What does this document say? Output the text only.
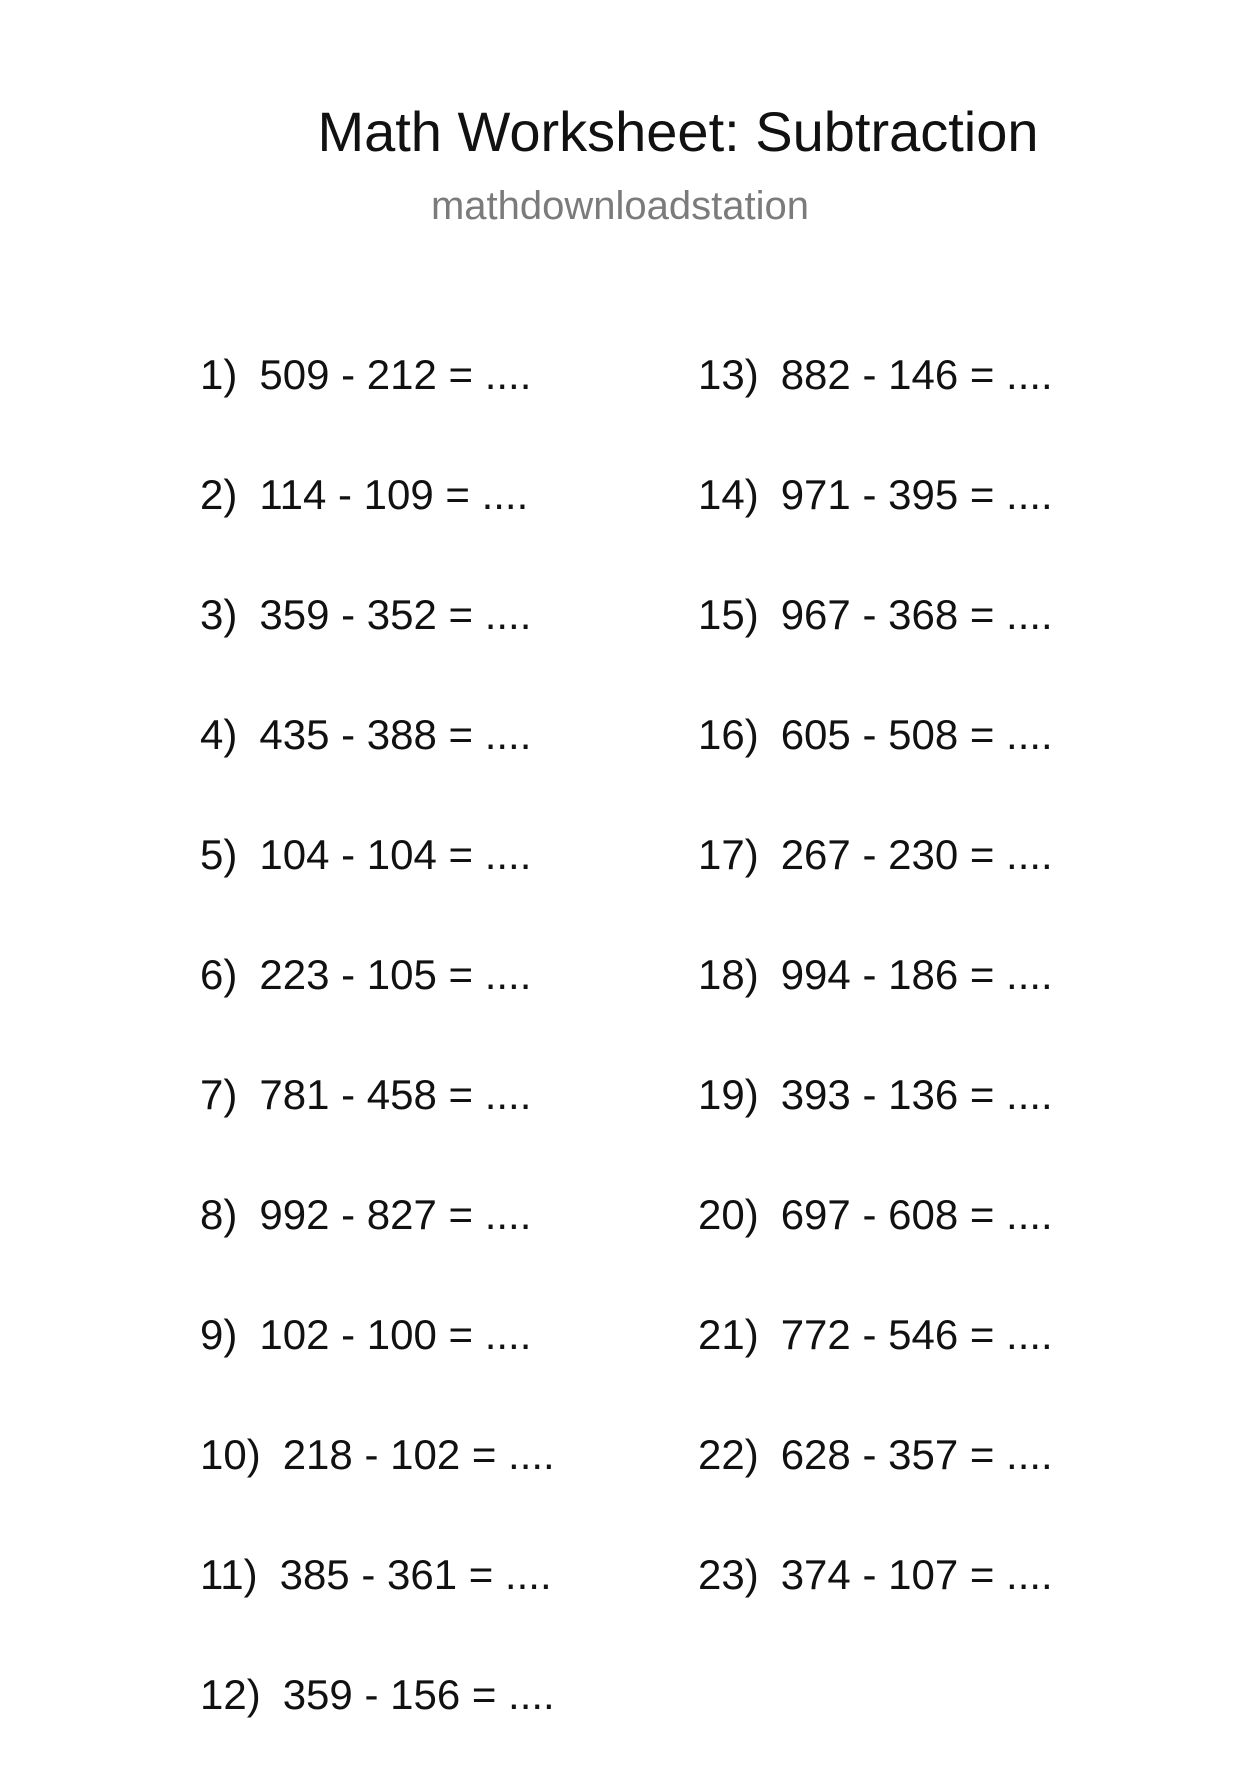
Math Worksheet: Subtraction
mathdownloadstation
1) 509 - 212 = ....
2) 114 - 109 = ....
3) 359 - 352 = ....
4) 435 - 388 = ....
5) 104 - 104 = ....
6) 223 - 105 = ....
7) 781 - 458 = ....
8) 992 - 827 = ....
9) 102 - 100 = ....
10) 218 - 102 = ....
11) 385 - 361 = ....
12) 359 - 156 = ....
13) 882 - 146 = ....
14) 971 - 395 = ....
15) 967 - 368 = ....
16) 605 - 508 = ....
17) 267 - 230 = ....
18) 994 - 186 = ....
19) 393 - 136 = ....
20) 697 - 608 = ....
21) 772 - 546 = ....
22) 628 - 357 = ....
23) 374 - 107 = ....
